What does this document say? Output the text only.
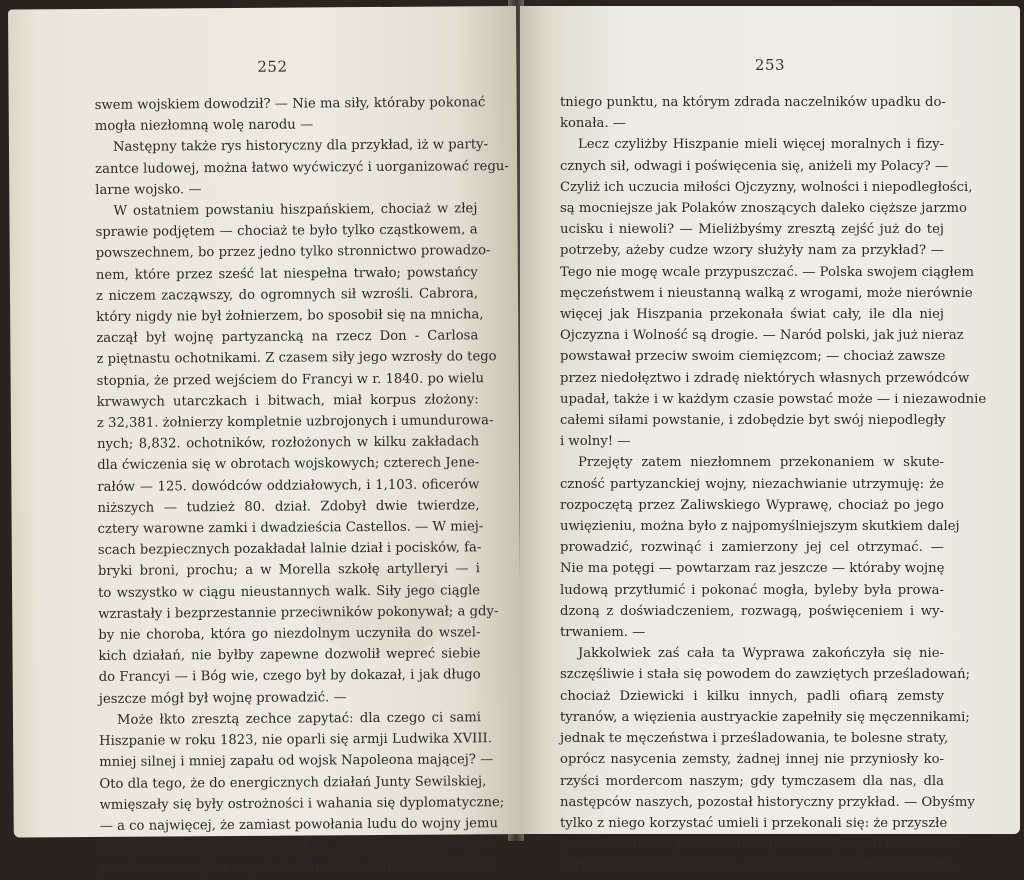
252
swem wojskiem dowodził? — Nie ma siły, któraby pokonać
mogła niezłomną wolę narodu —
Następny także rys historyczny dla przykład, iż w party-
zantce ludowej, można łatwo wyćwiczyć i uorganizować regu-
larne wojsko. —
W ostatniem powstaniu hiszpańskiem, chociaż w złej
sprawie podjętem — chociaż te było tylko cząstkowem, a
powszechnem, bo przez jedno tylko stronnictwo prowadzo-
nem, które przez sześć lat niespełna trwało; powstańcy
z niczem zacząwszy, do ogromnych sił wzrośli. Cabrora,
który nigdy nie był żołnierzem, bo sposobił się na mnicha,
zaczął był wojnę partyzancką na rzecz Don - Carlosa
z piętnastu ochotnikami. Z czasem siły jego wzrosły do tego
stopnia, że przed wejściem do Francyi w r. 1840. po wielu
krwawych utarczkach i bitwach, miał korpus złożony:
z 32,381. żołnierzy kompletnie uzbrojonych i umundurowa-
nych; 8,832. ochotników, rozłożonych w kilku zakładach
dla ćwiczenia się w obrotach wojskowych; czterech Jene-
rałów — 125. dowódców oddziałowych, i 1,103. oficerów
niższych — tudzież 80. dział. Zdobył dwie twierdze,
cztery warowne zamki i dwadzieścia Castellos. — W miej-
scach bezpiecznych pozakładał lalnie dział i pocisków, fa-
bryki broni, prochu; a w Morella szkołę artylleryi — i
to wszystko w ciągu nieustannych walk. Siły jego ciągle
wzrastały i bezprzestannie przeciwników pokonywał; a gdy-
by nie choroba, która go niezdolnym uczyniła do wszel-
kich działań, nie byłby zapewne dozwolił wepreć siebie
do Francyi — i Bóg wie, czego był by dokazał, i jak długo
jeszcze mógł był wojnę prowadzić. —
Może łkto zresztą zechce zapytać: dla czego ci sami
Hiszpanie w roku 1823, nie oparli się armji Ludwika XVIII.
mniej silnej i mniej zapału od wojsk Napoleona mającej? —
Oto dla tego, że do energicznych działań Junty Sewilskiej,
wmięszały się były ostrożności i wahania się dyplomatyczne;
— a co najwięcej, że zamiast powołania ludu do wojny jemu
właściwej, do wojny partyzanckiej, całą ufność i zbawienie
powierzono wojsku regularnemu, które cofnęło się do osta-
253
tniego punktu, na którym zdrada naczelników upadku do-
konała. —
Lecz czyliżby Hiszpanie mieli więcej moralnych i fizy-
cznych sił, odwagi i poświęcenia się, aniżeli my Polacy? —
Czyliż ich uczucia miłości Ojczyzny, wolności i niepodległości,
są mocniejsze jak Polaków znoszących daleko cięższe jarzmo
ucisku i niewoli? — Mieliżbyśmy zresztą zejść już do tej
potrzeby, ażeby cudze wzory służyły nam za przykład? —
Tego nie mogę wcale przypuszczać. — Polska swojem ciągłem
męczeństwem i nieustanną walką z wrogami, może nierównie
więcej jak Hiszpania przekonała świat cały, ile dla niej
Ojczyzna i Wolność są drogie. — Naród polski, jak już nieraz
powstawał przeciw swoim ciemięzcom; — chociaż zawsze
przez niedołęztwo i zdradę niektórych własnych przewódców
upadał, także i w każdym czasie powstać może — i niezawodnie
całemi siłami powstanie, i zdobędzie byt swój niepodległy
i wolny! —
Przejęty zatem niezłomnem przekonaniem w skute-
czność partyzanckiej wojny, niezachwianie utrzymuję: że
rozpoczętą przez Zaliwskiego Wyprawę, chociaż po jego
uwięzieniu, można było z najpomyślniejszym skutkiem dalej
prowadzić, rozwinąć i zamierzony jej cel otrzymać. —
Nie ma potęgi — powtarzam raz jeszcze — któraby wojnę
ludową przytłumić i pokonać mogła, byleby była prowa-
dzoną z doświadczeniem, rozwagą, poświęceniem i wy-
trwaniem. —
Jakkolwiek zaś cała ta Wyprawa zakończyła się nie-
szczęśliwie i stała się powodem do zawziętych prześladowań;
chociaż Dziewicki i kilku innych, padli ofiarą zemsty
tyranów, a więzienia austryackie zapełniły się męczennikami;
jednak te męczeństwa i prześladowania, te bolesne straty,
oprócz nasycenia zemsty, żadnej innej nie przyniosły ko-
rzyści mordercom naszym; gdy tymczasem dla nas, dla
następców naszych, pozostał historyczny przykład. — Obyśmy
tylko z niego korzystać umieli i przekonali się: że przyszłe
powstanie Polski powinno nastąpić w większych mierównie
rozmiarach jak było dotąd, nie wyłączając żadnego zaboru;
